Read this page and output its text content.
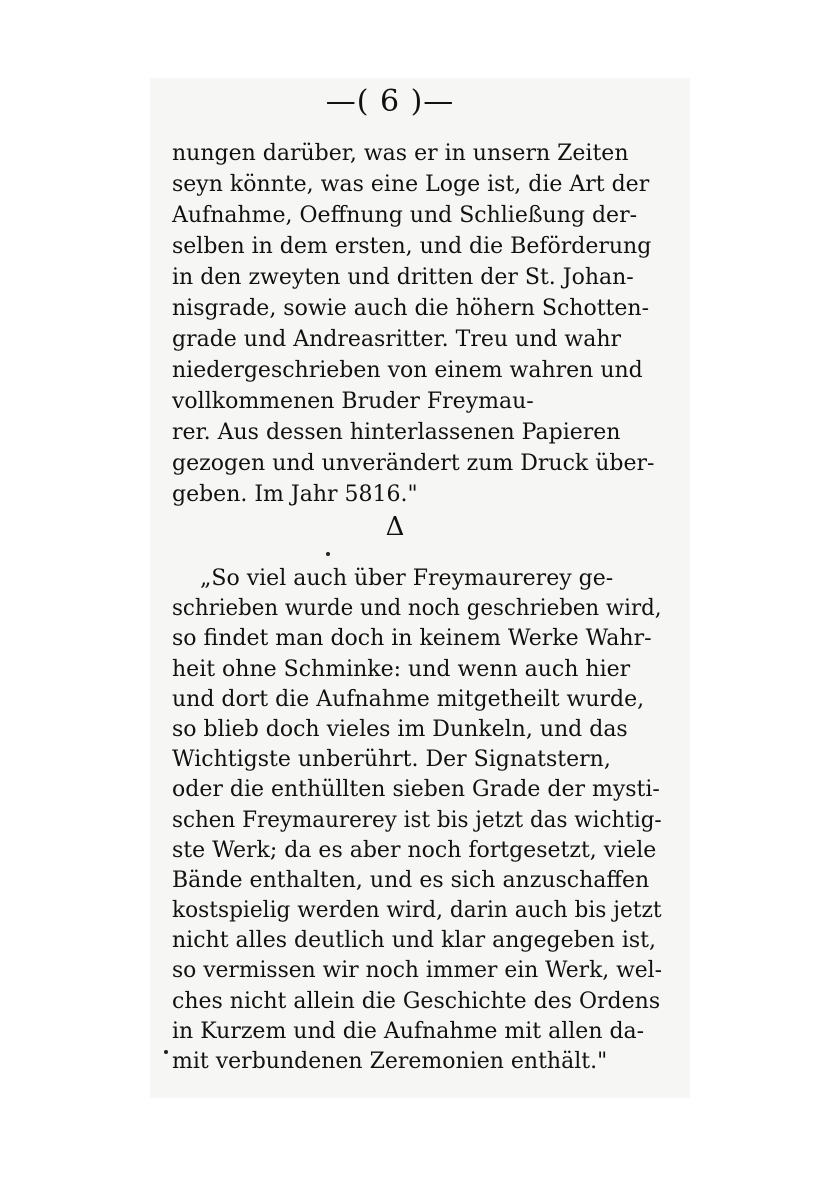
—( 6 )—
nungen darüber, was er in unsern Zeiten
seyn könnte, was eine Loge ist, die Art der
Aufnahme, Oeffnung und Schließung der-
selben in dem ersten, und die Beförderung
in den zweyten und dritten der St. Johan-
nisgrade, sowie auch die höhern Schotten-
grade und Andreasritter. Treu und wahr
niedergeschrieben von einem wahren und
vollkommenen Bruder Freymau-
rer. Aus dessen hinterlassenen Papieren
gezogen und unverändert zum Druck über-
geben. Im Jahr 5816."
Δ
„So viel auch über Freymaurerey ge-
schrieben wurde und noch geschrieben wird,
so findet man doch in keinem Werke Wahr-
heit ohne Schminke: und wenn auch hier
und dort die Aufnahme mitgetheilt wurde,
so blieb doch vieles im Dunkeln, und das
Wichtigste unberührt. Der Signatstern,
oder die enthüllten sieben Grade der mysti-
schen Freymaurerey ist bis jetzt das wichtig-
ste Werk; da es aber noch fortgesetzt, viele
Bände enthalten, und es sich anzuschaffen
kostspielig werden wird, darin auch bis jetzt
nicht alles deutlich und klar angegeben ist,
so vermissen wir noch immer ein Werk, wel-
ches nicht allein die Geschichte des Ordens
in Kurzem und die Aufnahme mit allen da-
mit verbundenen Zeremonien enthält."
